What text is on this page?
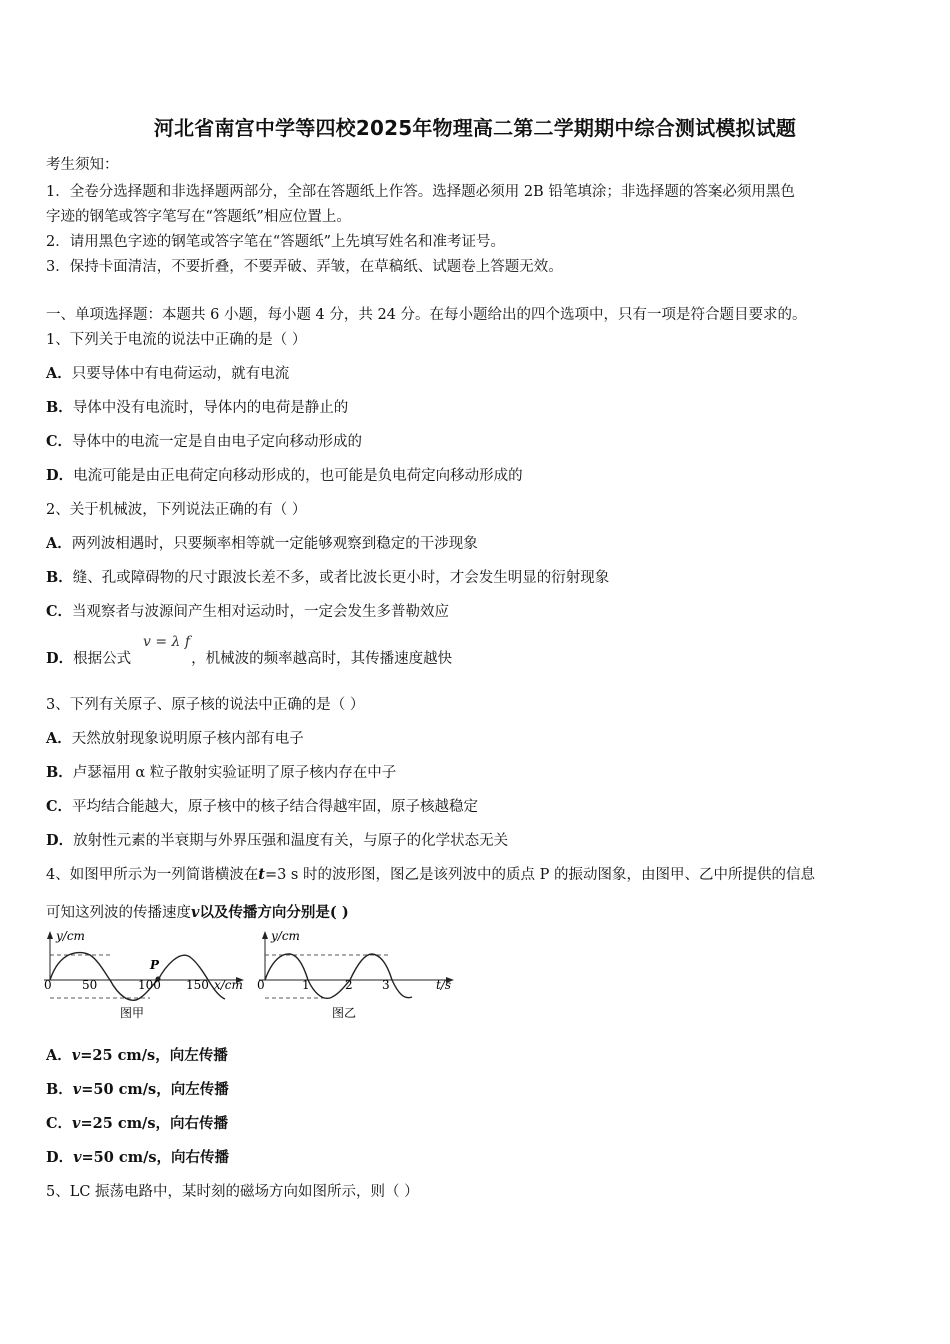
河北省南宫中学等四校2025年物理高二第二学期期中综合测试模拟试题
考生须知：
1．全卷分选择题和非选择题两部分，全部在答题纸上作答。选择题必须用 2B 铅笔填涂；非选择题的答案必须用黑色
字迹的钢笔或答字笔写在“答题纸”相应位置上。
2．请用黑色字迹的钢笔或答字笔在“答题纸”上先填写姓名和准考证号。
3．保持卡面清洁，不要折叠，不要弄破、弄皱，在草稿纸、试题卷上答题无效。
一、单项选择题：本题共 6 小题，每小题 4 分，共 24 分。在每小题给出的四个选项中，只有一项是符合题目要求的。
1、下列关于电流的说法中正确的是（ ）
A．只要导体中有电荷运动，就有电流
B．导体中没有电流时，导体内的电荷是静止的
C．导体中的电流一定是自由电子定向移动形成的
D．电流可能是由正电荷定向移动形成的，也可能是负电荷定向移动形成的
2、关于机械波，下列说法正确的有（ ）
A．两列波相遇时，只要频率相等就一定能够观察到稳定的干涉现象
B．缝、孔或障碍物的尺寸跟波长差不多，或者比波长更小时，才会发生明显的衍射现象
C．当观察者与波源间产生相对运动时，一定会发生多普勒效应
D．根据公式	，机械波的频率越高时，其传播速度越快
v = λ f
3、下列有关原子、原子核的说法中正确的是（ ）
A．天然放射现象说明原子核内部有电子
B．卢瑟福用 α 粒子散射实验证明了原子核内存在中子
C．平均结合能越大，原子核中的核子结合得越牢固，原子核越稳定
D．放射性元素的半衰期与外界压强和温度有关，与原子的化学状态无关
4、如图甲所示为一列简谐横波在t=3 s 时的波形图，图乙是该列波中的质点 P 的振动图象，由图甲、乙中所提供的信息
可知这列波的传播速度v以及传播方向分别是( )
P
y/cm
x/cm
0	50	100 150
图甲
y/cm
t/s
0	1	2 3
图乙
A．v=25 cm/s，向左传播
B．v=50 cm/s，向左传播
C．v=25 cm/s，向右传播
D．v=50 cm/s，向右传播
5、LC 振荡电路中，某时刻的磁场方向如图所示，则（ ）
